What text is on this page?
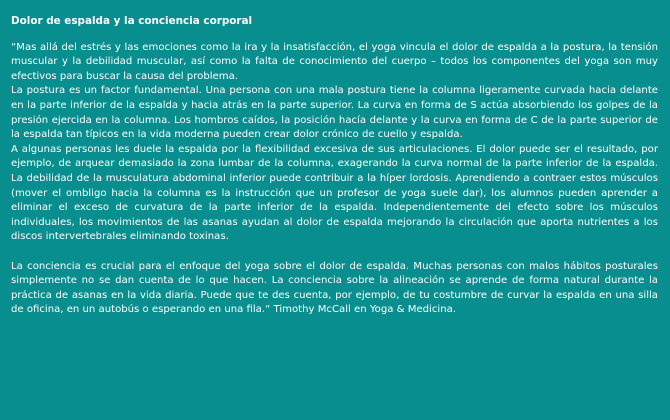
Dolor de espalda y la conciencia corporal

“Mas allá del estrés y las emociones como la ira y la insatisfacción, el yoga vincula el dolor de espalda a la postura, la tensión muscular y la debilidad muscular, así como la falta de conocimiento del cuerpo – todos los componentes del yoga son muy efectivos para buscar la causa del problema.

La postura es un factor fundamental. Una persona con una mala postura tiene la columna ligeramente curvada hacia delante en la parte inferior de la espalda y hacia atrás en la parte superior. La curva en forma de S actúa absorbiendo los golpes de la presión ejercida en la columna. Los hombros caídos, la posición hacía delante y la curva en forma de C de la parte superior de la espalda tan típicos en la vida moderna pueden crear dolor crónico de cuello y espalda.

A algunas personas les duele la espalda por la flexibilidad excesiva de sus articulaciones. El dolor puede ser el resultado, por ejemplo, de arquear demasiado la zona lumbar de la columna, exagerando la curva normal de la parte inferior de la espalda. La debilidad de la musculatura abdominal inferior puede contribuir a la híper lordosis. Aprendiendo a contraer estos músculos (mover el ombligo hacia la columna es la instrucción que un profesor de yoga suele dar), los alumnos pueden aprender a eliminar el exceso de curvatura de la parte inferior de la espalda. Independientemente del efecto sobre los músculos individuales, los movimientos de las asanas ayudan al dolor de espalda mejorando la circulación que aporta nutrientes a los discos intervertebrales eliminando toxinas.

La conciencia es crucial para el enfoque del yoga sobre el dolor de espalda. Muchas personas con malos hábitos posturales simplemente no se dan cuenta de lo que hacen. La conciencia sobre la alineación se aprende de forma natural durante la práctica de asanas en la vida diaria. Puede que te des cuenta, por ejemplo, de tu costumbre de curvar la espalda en una silla de oficina, en un autobús o esperando en una fila.“ Timothy McCall en Yoga & Medicina.
